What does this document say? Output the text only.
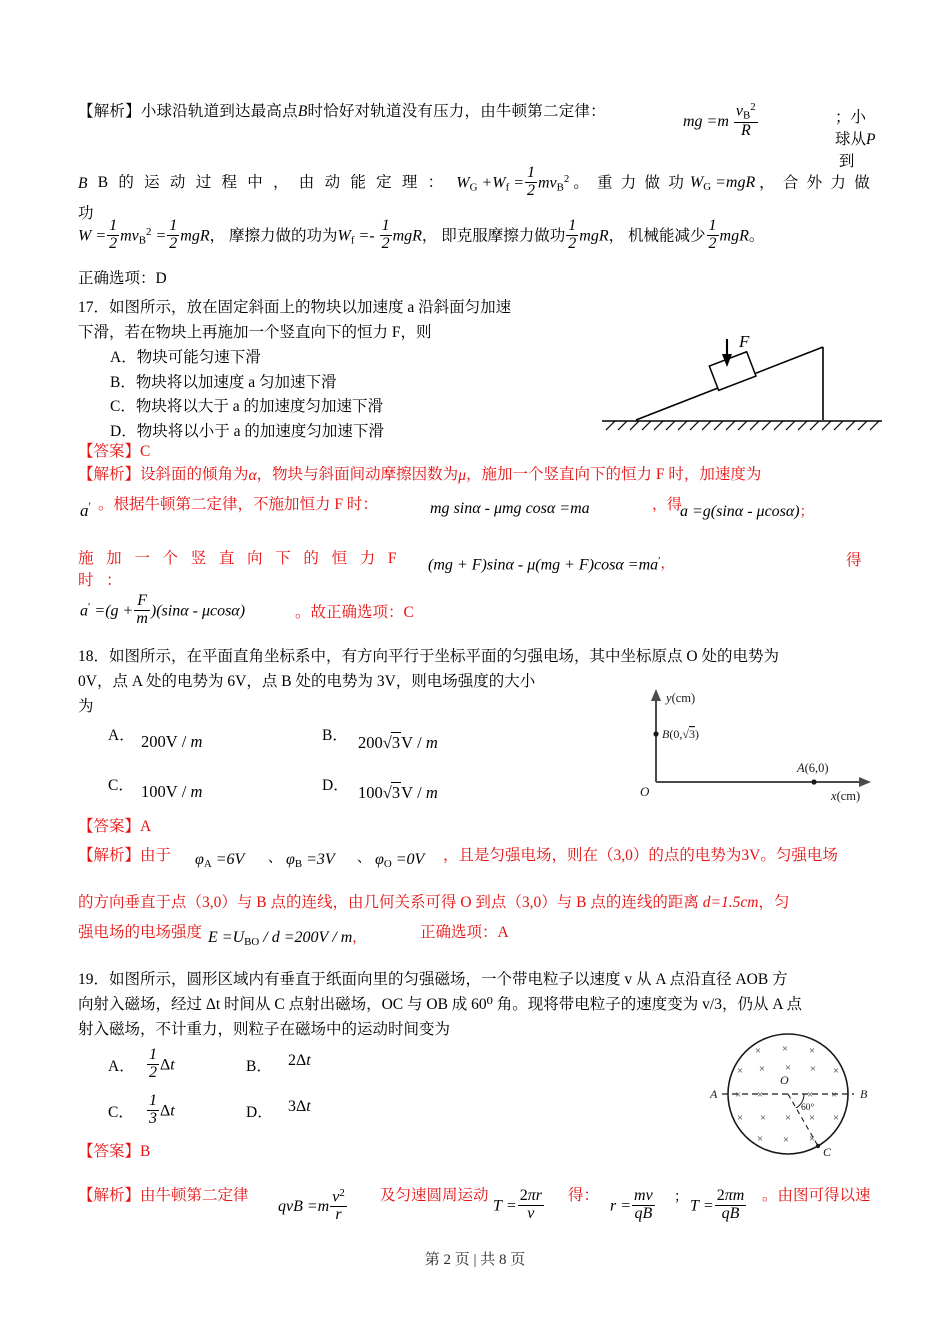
【解析】小球沿轨道到达最高点B时恰好对轨道没有压力，由牛顿第二定律：
mg $=m \frac{v_B^2}{R}$	；小球从P 到
B B 的 运 动 过 程 中 ， 由 动 能 定 理 ： $W_G +W_f = \frac{1}{2} mv_B^2$ 。 重 力 做 功 $W_G =mgR$ ， 合 外 力 做 功
$W = \frac{1}{2} mv_B^2 = \frac{1}{2}$ mgR， 摩擦力做的功为$W_f =- \frac{1}{2}$ mgR， 即克服摩擦力做功 $\frac{1}{2}$ mgR， 机械能减少 $\frac{1}{2}$ mgR。
正确选项：D
17．如图所示，放在固定斜面上的物块以加速度 a 沿斜面匀加速
下滑，若在物块上再施加一个竖直向下的恒力 F，则
A．物块可能匀速下滑
B．物块将以加速度 a 匀加速下滑
C．物块将以大于 a 的加速度匀加速下滑
D．物块将以小于 a 的加速度匀加速下滑
F
【答案】C
【解析】设斜面的倾角为α，物块与斜面间动摩擦因数为μ，施加一个竖直向下的恒力 F 时，加速度为
a′ 。根据牛顿第二定律，不施加恒力 F 时：	mg sinα - μmg cosα =ma	，得
a =g(sinα - μcosα)；
施 加 一 个 竖 直 向 下 的 恒 力 F 时 ：
(mg + F)sinα - μ(mg + F)cosα =ma′，	得
$a' =(g + \frac{F}{m} )(\sin\alpha - \mu\cos\alpha)$	。故正确选项：C
18．如图所示，在平面直角坐标系中，有方向平行于坐标平面的匀强电场，其中坐标原点 O 处的电势为
0V，点 A 处的电势为 6V，点 B 处的电势为 3V，则电场强度的大小
为
A． 200V / m	B． 200√3V / m
C． 100V / m	D． 100√3V / m
y(cm)
x(cm)
O
B(0,√3)
A(6,0)
【答案】A
【解析】由于 $\varphi_A =6V$ 、 $\varphi_B =3V$ 、 $\varphi_O =0V$ ，且是匀强电场，则在（3,0）的点的电势为3V。匀强电场
的方向垂直于点（3,0）与 B 点的连线，由几何关系可得 O 到点（3,0）与 B 点的连线的距离 d=1.5cm，匀
强电场的电场强度 $E =U_{BO} / d =200V / m$，	正确选项：A
19．如图所示，圆形区域内有垂直于纸面向里的匀强磁场，一个带电粒子以速度 v 从 A 点沿直径 AOB 方
向射入磁场，经过 Δt 时间从 C 点射出磁场，OC 与 OB 成 60⁰ 角。现将带电粒子的速度变为 v/3，仍从 A 点
射入磁场，不计重力，则粒子在磁场中的运动时间变为
A． $\frac{1}{2}$ Δt	B． 2Δt
C． $\frac{1}{3}$ Δt	D． 3Δt	60°
A	B
C
O
× × ×
× × × × ×
× ×	× ×
× × × × ×
× × ×
【答案】B
【解析】由牛顿第二定律
qvB $=m \frac{v^2}{r}$ 及匀速圆周运动
$T = \frac{2\pi r}{v}$ 得：
$r = \frac{mv}{qB}$ ； $T = \frac{2\pi m}{qB}$ 。由图可得以速
第 2 页 | 共 8 页
